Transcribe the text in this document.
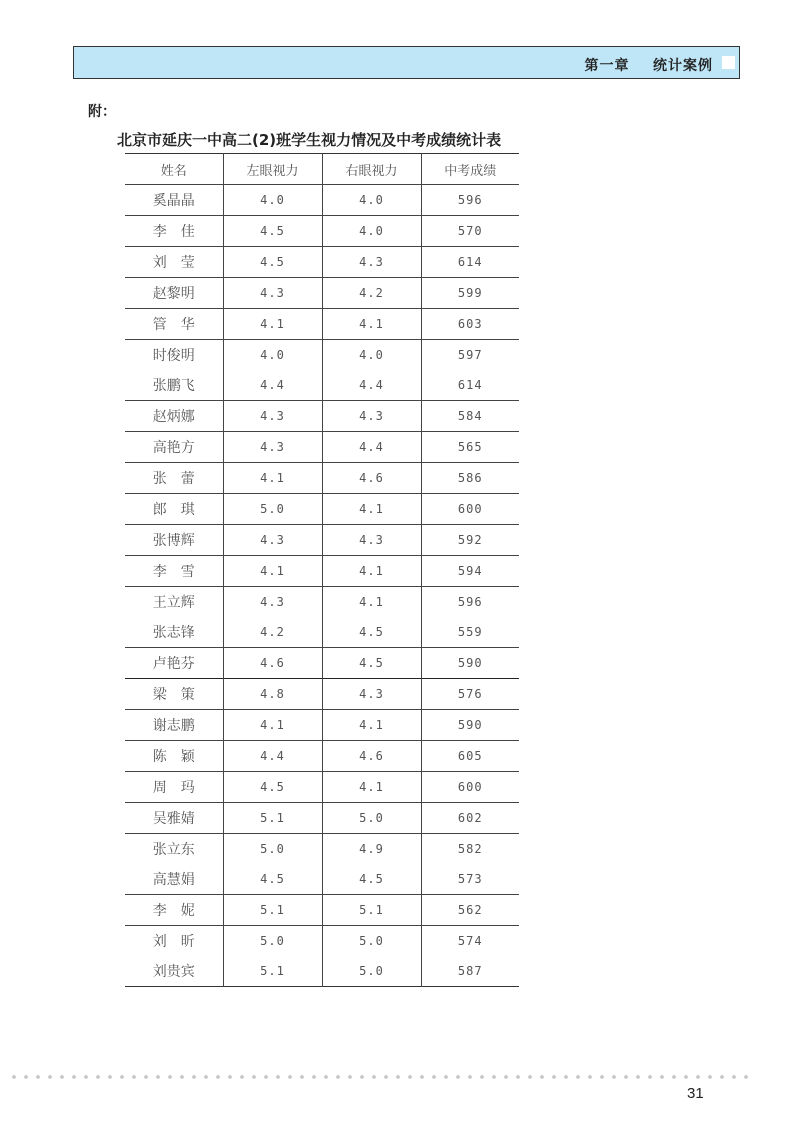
第一章    统计案例
附：
北京市延庆一中高二(2)班学生视力情况及中考成绩统计表
姓名	左眼视力	右眼视力	中考成绩
奚晶晶	4.0	4.0	596
李　佳	4.5	4.0	570
刘　莹	4.5	4.3	614
赵黎明	4.3	4.2	599
管　华	4.1	4.1	603
时俊明	4.0	4.0	597
张鹏飞	4.4	4.4	614
赵炳娜	4.3	4.3	584
高艳方	4.3	4.4	565
张　蕾	4.1	4.6	586
郎　琪	5.0	4.1	600
张博辉	4.3	4.3	592
李　雪	4.1	4.1	594
王立辉	4.3	4.1	596
张志锋	4.2	4.5	559
卢艳芬	4.6	4.5	590
梁　策	4.8	4.3	576
谢志鹏	4.1	4.1	590
陈　颖	4.4	4.6	605
周　玛	4.5	4.1	600
吴雅婧	5.1	5.0	602
张立东	5.0	4.9	582
高慧娟	4.5	4.5	573
李　妮	5.1	5.1	562
刘　昕	5.0	5.0	574
刘贵宾	5.1	5.0	587
31
